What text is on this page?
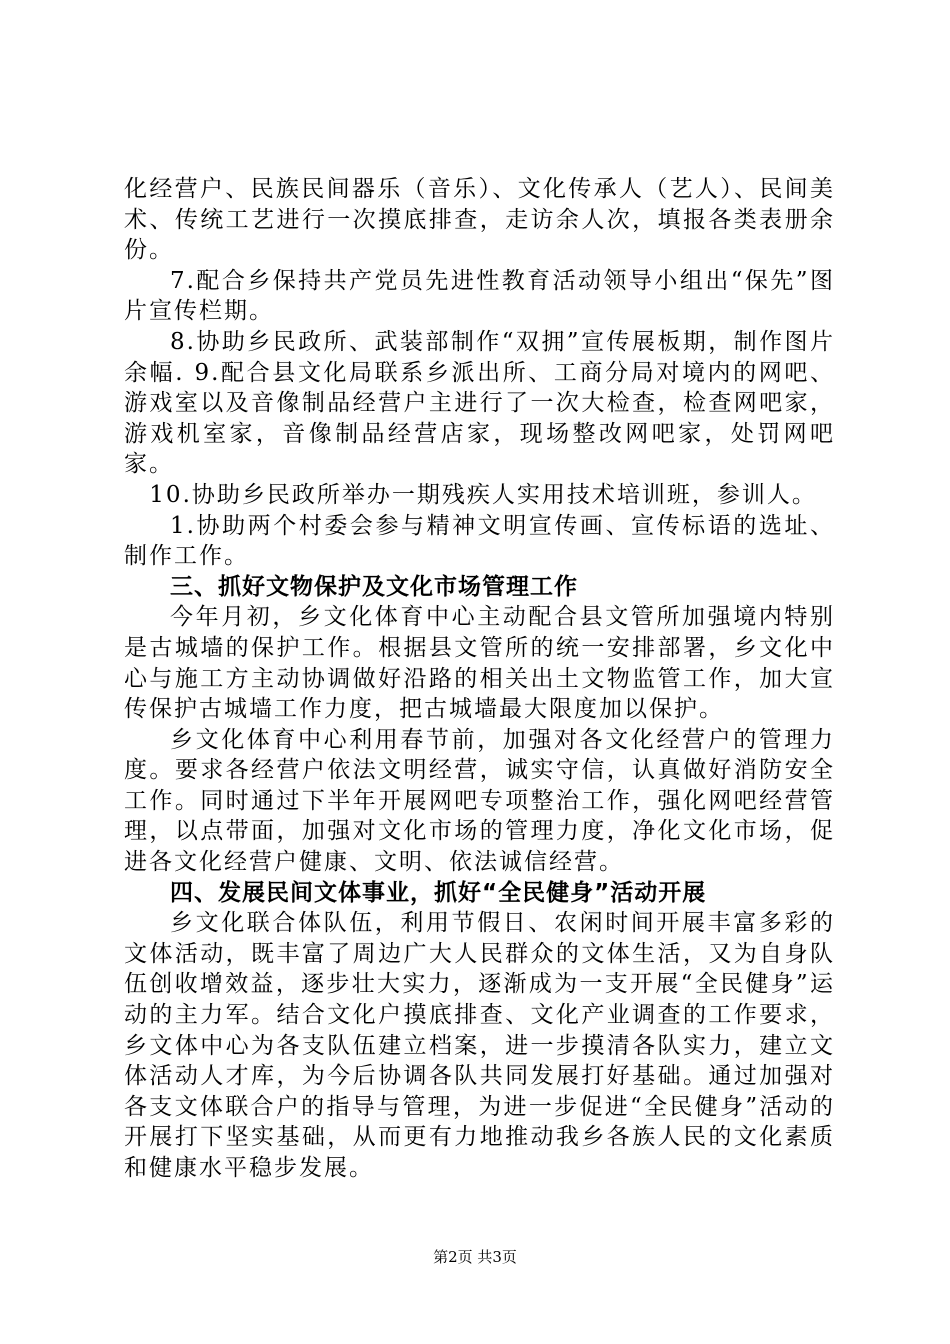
化经营户、民族民间器乐（音乐）、文化传承人（艺人）、民间美术、传统工艺进行一次摸底排查，走访余人次，填报各类表册余份。

7.配合乡保持共产党员先进性教育活动领导小组出“保先”图片宣传栏期。

8.协助乡民政所、武装部制作“双拥”宣传展板期，制作图片余幅. 9.配合县文化局联系乡派出所、工商分局对境内的网吧、游戏室以及音像制品经营户主进行了一次大检查，检查网吧家，游戏机室家，音像制品经营店家，现场整改网吧家，处罚网吧家。

10.协助乡民政所举办一期残疾人实用技术培训班，参训人。

1.协助两个村委会参与精神文明宣传画、宣传标语的选址、制作工作。

三、抓好文物保护及文化市场管理工作

今年月初，乡文化体育中心主动配合县文管所加强境内特别是古城墙的保护工作。根据县文管所的统一安排部署，乡文化中心与施工方主动协调做好沿路的相关出土文物监管工作，加大宣传保护古城墙工作力度，把古城墙最大限度加以保护。

乡文化体育中心利用春节前，加强对各文化经营户的管理力度。要求各经营户依法文明经营，诚实守信，认真做好消防安全工作。同时通过下半年开展网吧专项整治工作，强化网吧经营管理，以点带面，加强对文化市场的管理力度，净化文化市场，促进各文化经营户健康、文明、依法诚信经营。

四、发展民间文体事业，抓好“全民健身”活动开展

乡文化联合体队伍，利用节假日、农闲时间开展丰富多彩的文体活动，既丰富了周边广大人民群众的文体生活，又为自身队伍创收增效益，逐步壮大实力，逐渐成为一支开展“全民健身”运动的主力军。结合文化户摸底排查、文化产业调查的工作要求，乡文体中心为各支队伍建立档案，进一步摸清各队实力，建立文体活动人才库，为今后协调各队共同发展打好基础。通过加强对各支文体联合户的指导与管理，为进一步促进“全民健身”活动的开展打下坚实基础，从而更有力地推动我乡各族人民的文化素质和健康水平稳步发展。

第2页 共3页
